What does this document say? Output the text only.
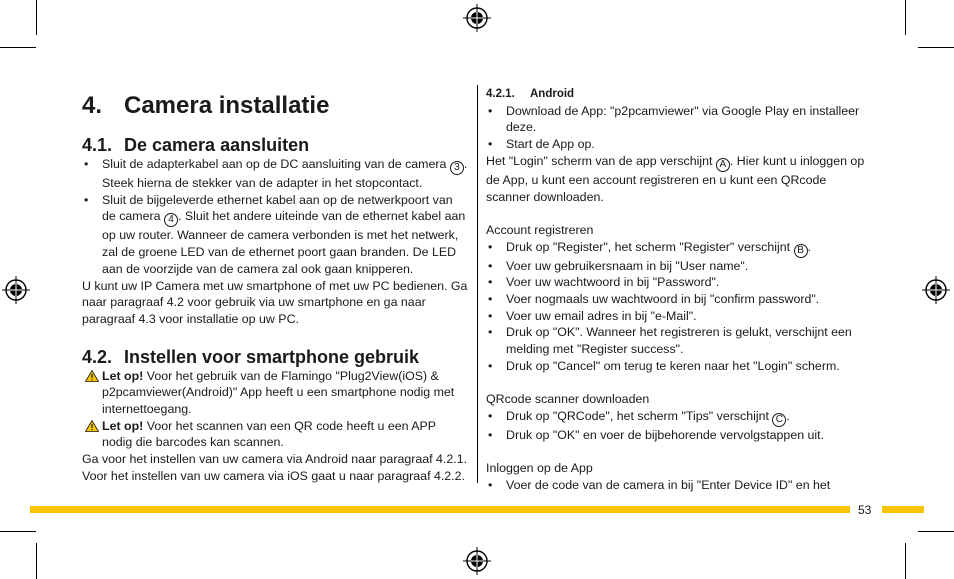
4. Camera installatie
4.1. De camera aansluiten
• Sluit de adapterkabel aan op de DC aansluiting van de camera 3 . Steek hierna de stekker van de adapter in het stopcontact.
• Sluit de bijgeleverde ethernet kabel aan op de netwerkpoort van de camera 4 . Sluit het andere uiteinde van de ethernet kabel aan op uw router. Wanneer de camera verbonden is met het netwerk, zal de groene LED van de ethernet poort gaan branden. De LED aan de voorzijde van de camera zal ook gaan knipperen.

U kunt uw IP Camera met uw smartphone of met uw PC bedienen. Ga naar paragraaf 4.2 voor gebruik via uw smartphone en ga naar paragraaf 4.3 voor installatie op uw PC.

4.2. Instellen voor smartphone gebruik
Let op! Voor het gebruik van de Flamingo "Plug2View(iOS) & p2pcamviewer(Android)" App heeft u een smartphone nodig met internettoegang.
Let op! Voor het scannen van een QR code heeft u een APP nodig die barcodes kan scannen.

Ga voor het instellen van uw camera via Android naar paragraaf 4.2.1. Voor het instellen van uw camera via iOS gaat u naar paragraaf 4.2.2.

4.2.1.	Android
• Download de App: "p2pcamviewer" via Google Play en installeer deze.
• Start de App op.

Het "Login" scherm van de app verschijnt A . Hier kunt u inloggen op de App, u kunt een account registreren en u kunt een QRcode scanner downloaden.

Account registreren

• Druk op "Register", het scherm "Register" verschijnt B .
• Voer uw gebruikersnaam in bij "User name".
• Voer uw wachtwoord in bij "Password".
• Voer nogmaals uw wachtwoord in bij "confirm password".
• Voer uw email adres in bij "e-Mail".
• Druk op "OK". Wanneer het registreren is gelukt, verschijnt een melding met "Register success".
• Druk op "Cancel" om terug te keren naar het "Login" scherm.

QRcode scanner downloaden

• Druk op "QRCode", het scherm "Tips" verschijnt C .
• Druk op "OK" en voer de bijbehorende vervolgstappen uit.

Inloggen op de App

• Voer de code van de camera in bij "Enter Device ID" en het
53
